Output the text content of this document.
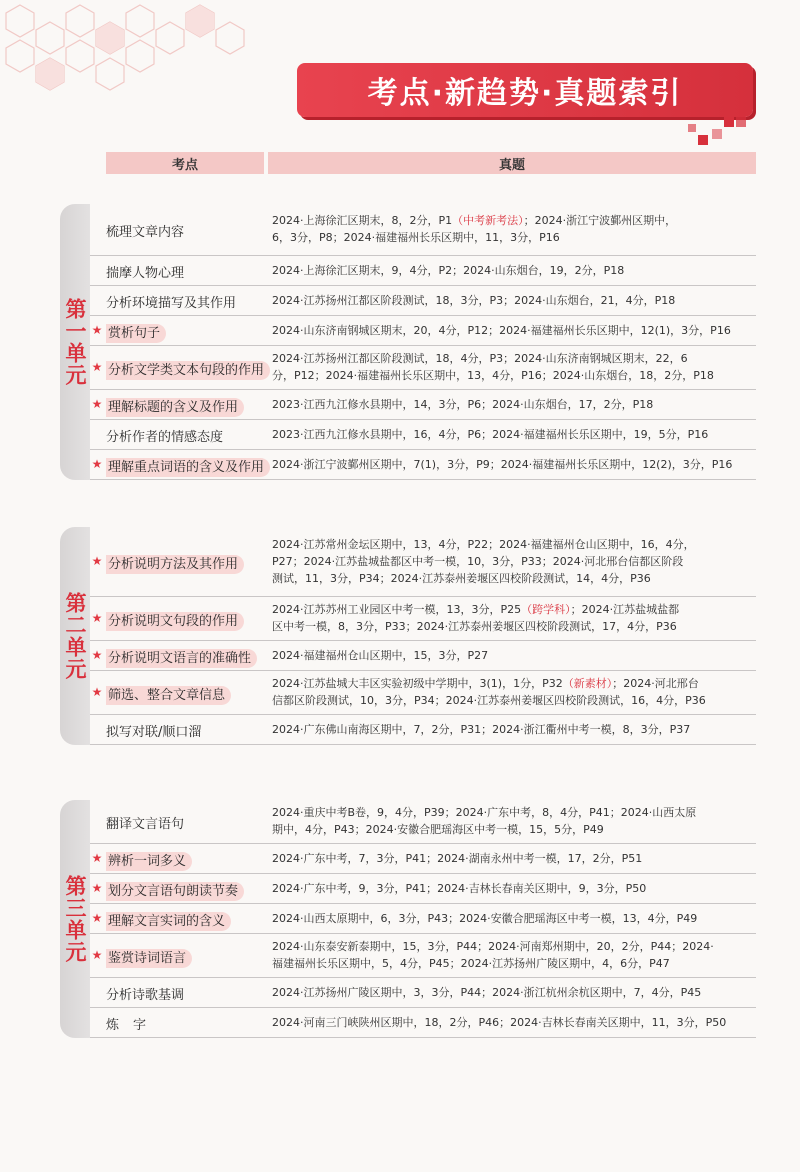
考点·新趋势·真题索引
考点	真题
第一单元
梳理文章内容
2024·上海徐汇区期末，8，2分，P1（中考新考法）；2024·浙江宁波鄞州区期中，
6，3分，P8；2024·福建福州长乐区期中，11，3分，P16
揣摩人物心理	2024·上海徐汇区期末，9，4分，P2；2024·山东烟台，19，2分，P18
分析环境描写及其作用	2024·江苏扬州江都区阶段测试，18，3分，P3；2024·山东烟台，21，4分，P18
★ 赏析句子	2024·山东济南钢城区期末，20，4分，P12；2024·福建福州长乐区期中，12(1)，3分，P16
★ 分析文学类文本句段的作用
2024·江苏扬州江都区阶段测试，18，4分，P3；2024·山东济南钢城区期末，22，6
分，P12；2024·福建福州长乐区期中，13，4分，P16；2024·山东烟台，18，2分，P18
★ 理解标题的含义及作用	2023·江西九江修水县期中，14，3分，P6；2024·山东烟台，17，2分，P18
分析作者的情感态度	2023·江西九江修水县期中，16，4分，P6；2024·福建福州长乐区期中，19，5分，P16
★ 理解重点词语的含义及作用 2024·浙江宁波鄞州区期中，7(1)，3分，P9；2024·福建福州长乐区期中，12(2)，3分，P16
第二单元
★ 分析说明方法及其作用
2024·江苏常州金坛区期中，13，4分，P22；2024·福建福州仓山区期中，16，4分，
P27；2024·江苏盐城盐都区中考一模，10，3分，P33；2024·河北邢台信都区阶段
测试，11，3分，P34；2024·江苏泰州姜堰区四校阶段测试，14，4分，P36
★ 分析说明文句段的作用
2024·江苏苏州工业园区中考一模，13，3分，P25（跨学科）；2024·江苏盐城盐都
区中考一模，8，3分，P33；2024·江苏泰州姜堰区四校阶段测试，17，4分，P36
★ 分析说明文语言的准确性	2024·福建福州仓山区期中，15，3分，P27
★ 筛选、整合文章信息
2024·江苏盐城大丰区实验初级中学期中，3(1)，1分，P32（新素材）；2024·河北邢台
信都区阶段测试，10，3分，P34；2024·江苏泰州姜堰区四校阶段测试，16，4分，P36
拟写对联/顺口溜	2024·广东佛山南海区期中，7，2分，P31；2024·浙江衢州中考一模，8，3分，P37
第三单元
翻译文言语句
2024·重庆中考B卷，9，4分，P39；2024·广东中考，8，4分，P41；2024·山西太原
期中，4分，P43；2024·安徽合肥瑶海区中考一模，15，5分，P49
★ 辨析一词多义	2024·广东中考，7，3分，P41；2024·湖南永州中考一模，17，2分，P51
★ 划分文言语句朗读节奏	2024·广东中考，9，3分，P41；2024·吉林长春南关区期中，9，3分，P50
★ 理解文言实词的含义	2024·山西太原期中，6，3分，P43；2024·安徽合肥瑶海区中考一模，13，4分，P49
★ 鉴赏诗词语言
2024·山东泰安新泰期中，15，3分，P44；2024·河南郑州期中，20，2分，P44；2024·
福建福州长乐区期中，5，4分，P45；2024·江苏扬州广陵区期中，4，6分，P47
分析诗歌基调	2024·江苏扬州广陵区期中，3，3分，P44；2024·浙江杭州余杭区期中，7，4分，P45
炼字	2024·河南三门峡陕州区期中，18，2分，P46；2024·吉林长春南关区期中，11，3分，P50
